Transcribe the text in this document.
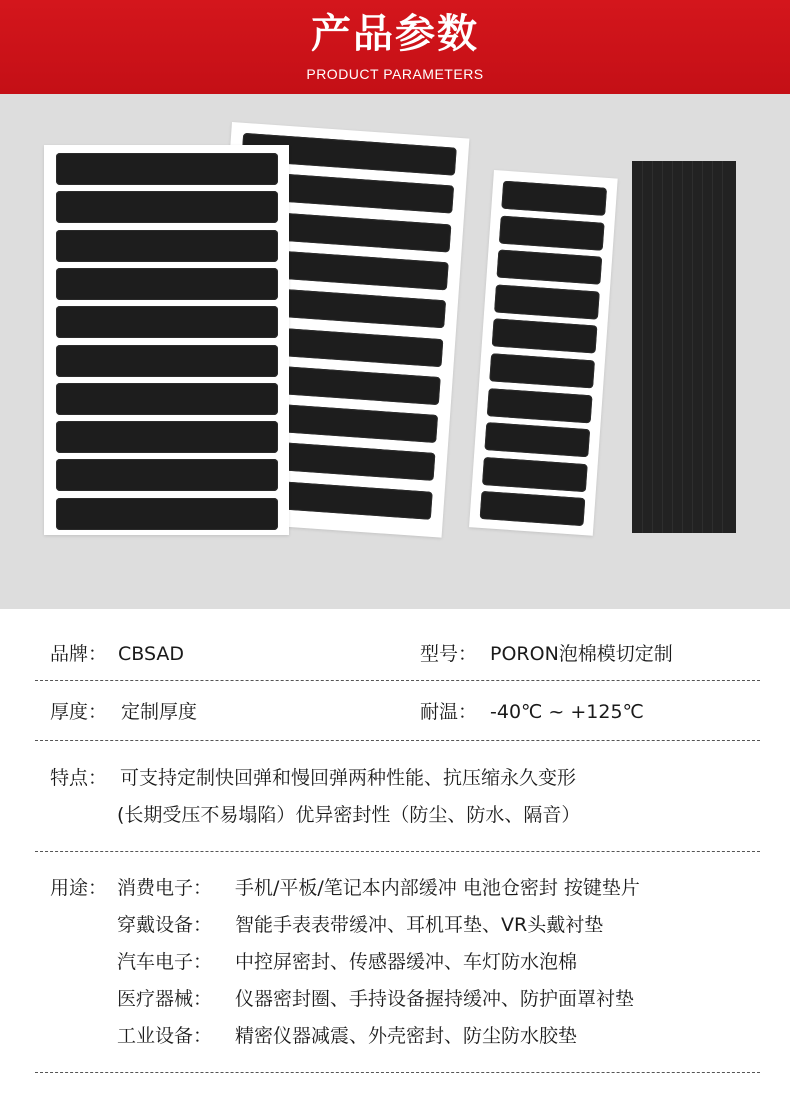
产品参数
PRODUCT PARAMETERS
品牌： CBSAD	型号： PORON泡棉模切定制
厚度： 定制厚度	耐温： -40℃ ~ +125℃
特点： 可支持定制快回弹和慢回弹两种性能、抗压缩永久变形
(长期受压不易塌陷）优异密封性（防尘、防水、隔音）
用途： 消费电子： 手机/平板/笔记本内部缓冲 电池仓密封 按键垫片
穿戴设备： 智能手表表带缓冲、耳机耳垫、VR头戴衬垫
汽车电子： 中控屏密封、传感器缓冲、车灯防水泡棉
医疗器械： 仪器密封圈、手持设备握持缓冲、防护面罩衬垫
工业设备： 精密仪器减震、外壳密封、防尘防水胶垫
